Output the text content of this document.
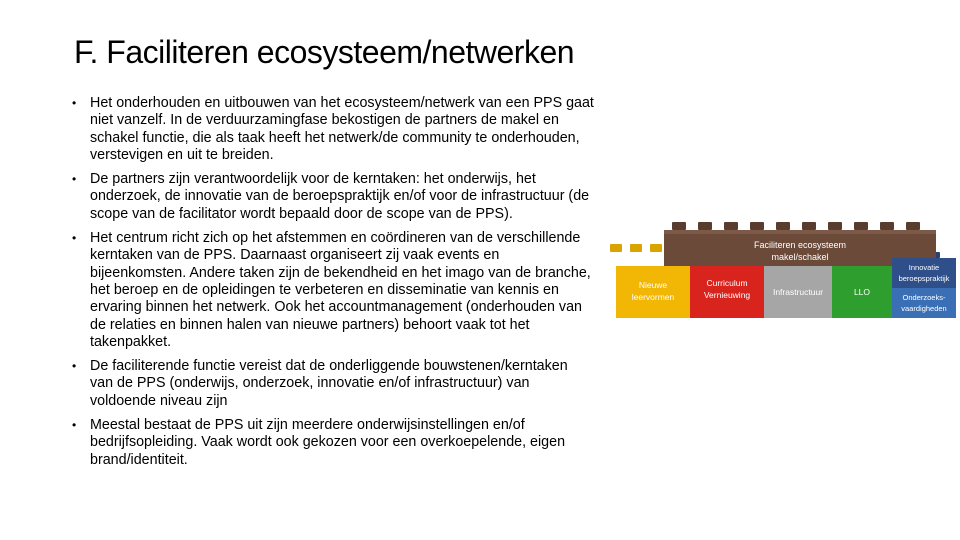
F. Faciliteren ecosysteem/netwerken
• Het onderhouden en uitbouwen van het ecosysteem/netwerk van een PPS gaat niet vanzelf. In de verduurzamingfase bekostigen de partners de makel en schakel functie, die als taak heeft het netwerk/de community te onderhouden, verstevigen en uit te breiden.
• De partners zijn verantwoordelijk voor de kerntaken: het onderwijs, het onderzoek, de innovatie van de beroepspraktijk en/of voor de infrastructuur (de scope van de facilitator wordt bepaald door de scope van de PPS).
• Het centrum richt zich op het afstemmen en coördineren van de verschillende kerntaken van de PPS. Daarnaast organiseert zij vaak events en bijeenkomsten. Andere taken zijn de bekendheid en het imago van de branche, het beroep en de opleidingen te verbeteren en disseminatie van kennis en ervaring binnen het netwerk. Ook het accountmanagement (onderhouden van de relaties en binnen halen van nieuwe partners) behoort vaak tot het takenpakket.
• De faciliterende functie vereist dat de onderliggende bouwstenen/kerntaken van de PPS (onderwijs, onderzoek, innovatie en/of infrastructuur) van voldoende niveau zijn
• Meestal bestaat de PPS uit zijn meerdere onderwijsinstellingen en/of bedrijfsopleiding. Vaak wordt ook gekozen voor een overkoepelende, eigen brand/identiteit.
Faciliteren ecosysteem
makel/schakel
Nieuwe
leervormen
Curriculum
Vernieuwing	Infrastructuur	LLO
Innovatie
beroepspraktijk
Onderzoeks-
vaardigheden
